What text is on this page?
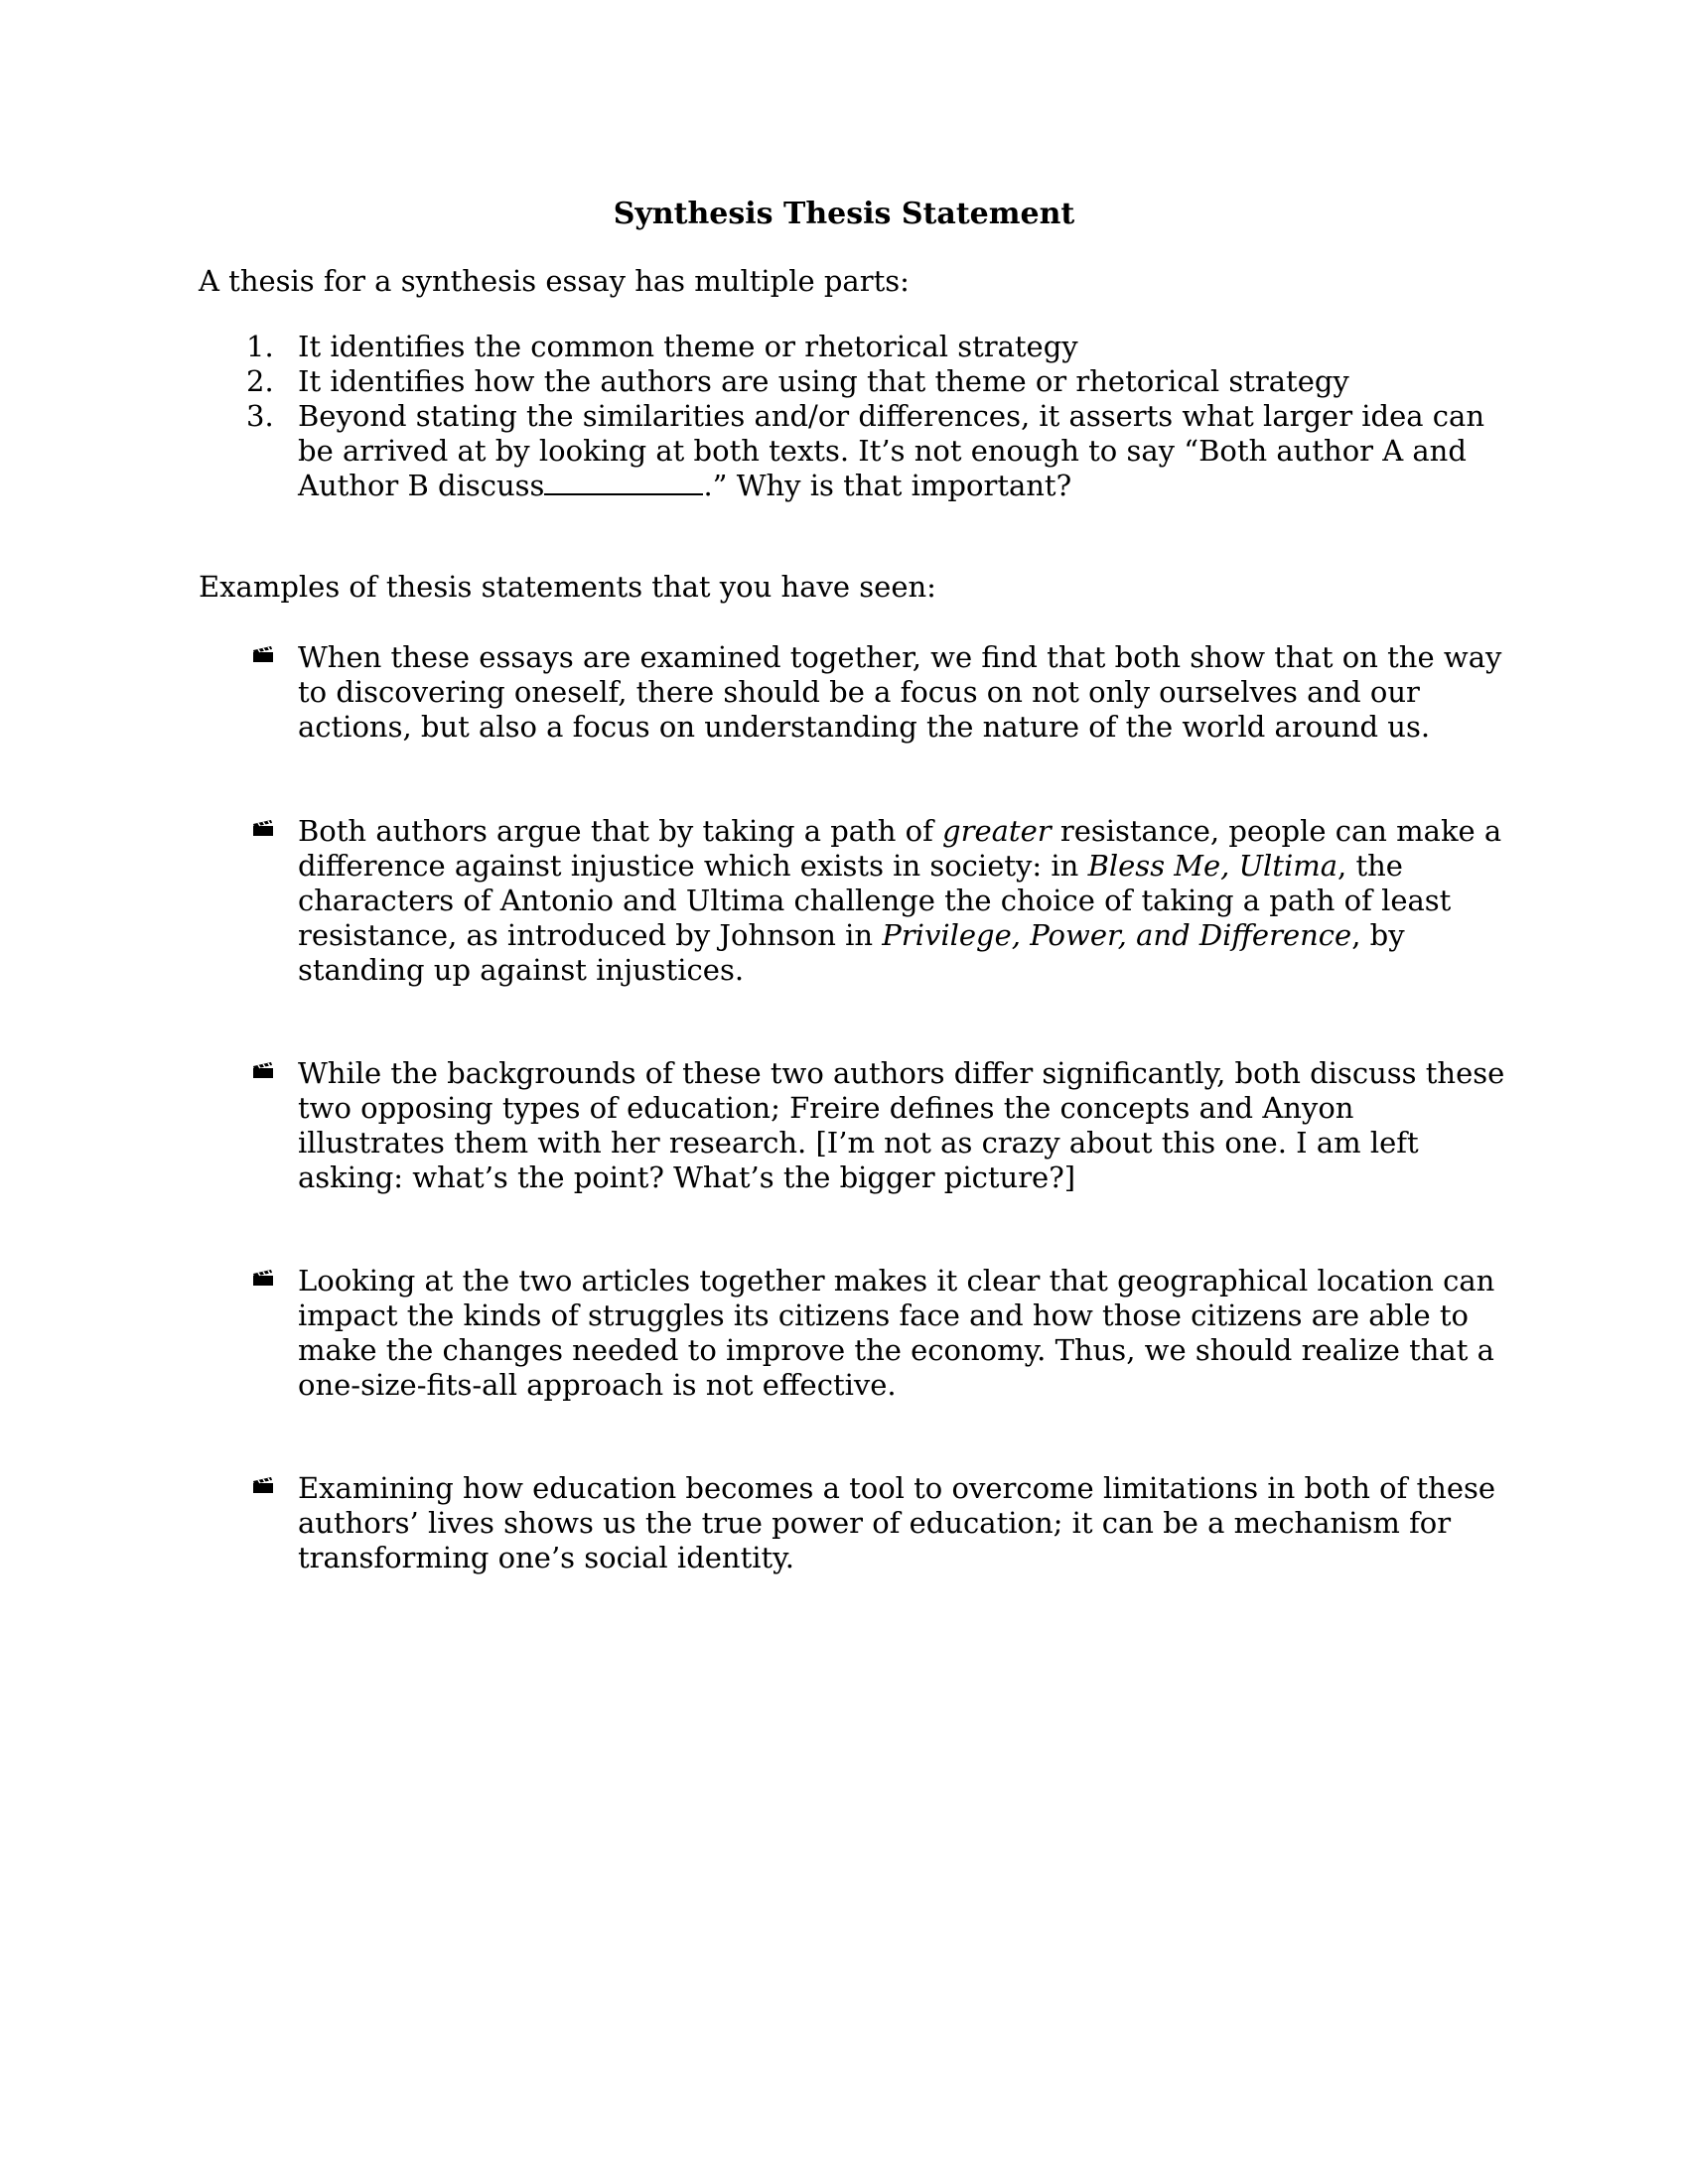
Synthesis Thesis Statement

A thesis for a synthesis essay has multiple parts:

1. It identifies the common theme or rhetorical strategy
2. It identifies how the authors are using that theme or rhetorical strategy
3. Beyond stating the similarities and/or differences, it asserts what larger idea can be arrived at by looking at both texts. It’s not enough to say “Both author A and Author B discuss	.” Why is that important?

Examples of thesis statements that you have seen:

When these essays are examined together, we find that both show that on the way to discovering oneself, there should be a focus on not only ourselves and our actions, but also a focus on understanding the nature of the world around us.
Both authors argue that by taking a path of greater resistance, people can make a difference against injustice which exists in society: in Bless Me, Ultima, the characters of Antonio and Ultima challenge the choice of taking a path of least resistance, as introduced by Johnson in Privilege, Power, and Difference, by standing up against injustices.
While the backgrounds of these two authors differ significantly, both discuss these two opposing types of education; Freire defines the concepts and Anyon illustrates them with her research. [I’m not as crazy about this one. I am left asking: what’s the point? What’s the bigger picture?]
Looking at the two articles together makes it clear that geographical location can impact the kinds of struggles its citizens face and how those citizens are able to make the changes needed to improve the economy. Thus, we should realize that a one-size-fits-all approach is not effective.
Examining how education becomes a tool to overcome limitations in both of these authors’ lives shows us the true power of education; it can be a mechanism for transforming one’s social identity.
